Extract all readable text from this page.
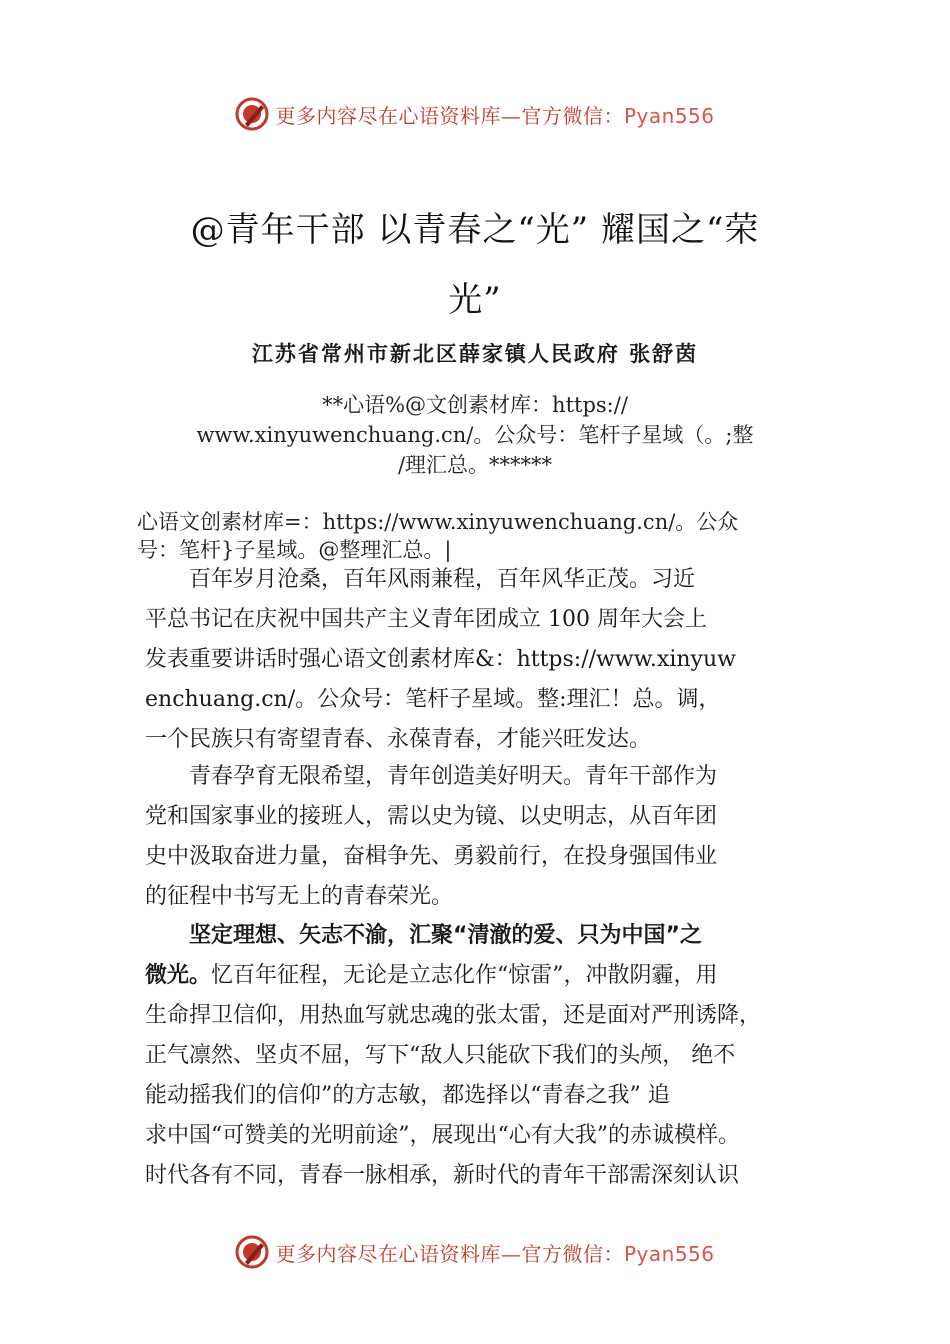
更多内容尽在心语资料库—官方微信：Pyan556
@青年干部 以青春之“光” 耀国之“荣
光”
江苏省常州市新北区薛家镇人民政府 张舒茵
**心语%@文创素材库：https://
www.xinyuwenchuang.cn/。公众号：笔杆子星域（。;整
/理汇总。******
心语文创素材库=：https://www.xinyuwenchuang.cn/。公众
号：笔杆}子星域。@整理汇总。|
　　百年岁月沧桑，百年风雨兼程，百年风华正茂。习近
平总书记在庆祝中国共产主义青年团成立 100 周年大会上
发表重要讲话时强心语文创素材库&：https://www.xinyuw
enchuang.cn/。公众号：笔杆子星域。整:理汇！总。调，
一个民族只有寄望青春、永葆青春，才能兴旺发达。
　　青春孕育无限希望，青年创造美好明天。青年干部作为
党和国家事业的接班人，需以史为镜、以史明志，从百年团
史中汲取奋进力量，奋楫争先、勇毅前行，在投身强国伟业
的征程中书写无上的青春荣光。
　　坚定理想、矢志不渝，汇聚“清澈的爱、只为中国”之
微光。忆百年征程，无论是立志化作“惊雷”，冲散阴霾，用
生命捍卫信仰，用热血写就忠魂的张太雷，还是面对严刑诱降，
正气凛然、坚贞不屈，写下“敌人只能砍下我们的头颅， 绝不
能动摇我们的信仰”的方志敏，都选择以“青春之我” 追
求中国“可赞美的光明前途”，展现出“心有大我”的赤诚模样。
时代各有不同，青春一脉相承，新时代的青年干部需深刻认识
更多内容尽在心语资料库—官方微信：Pyan556
